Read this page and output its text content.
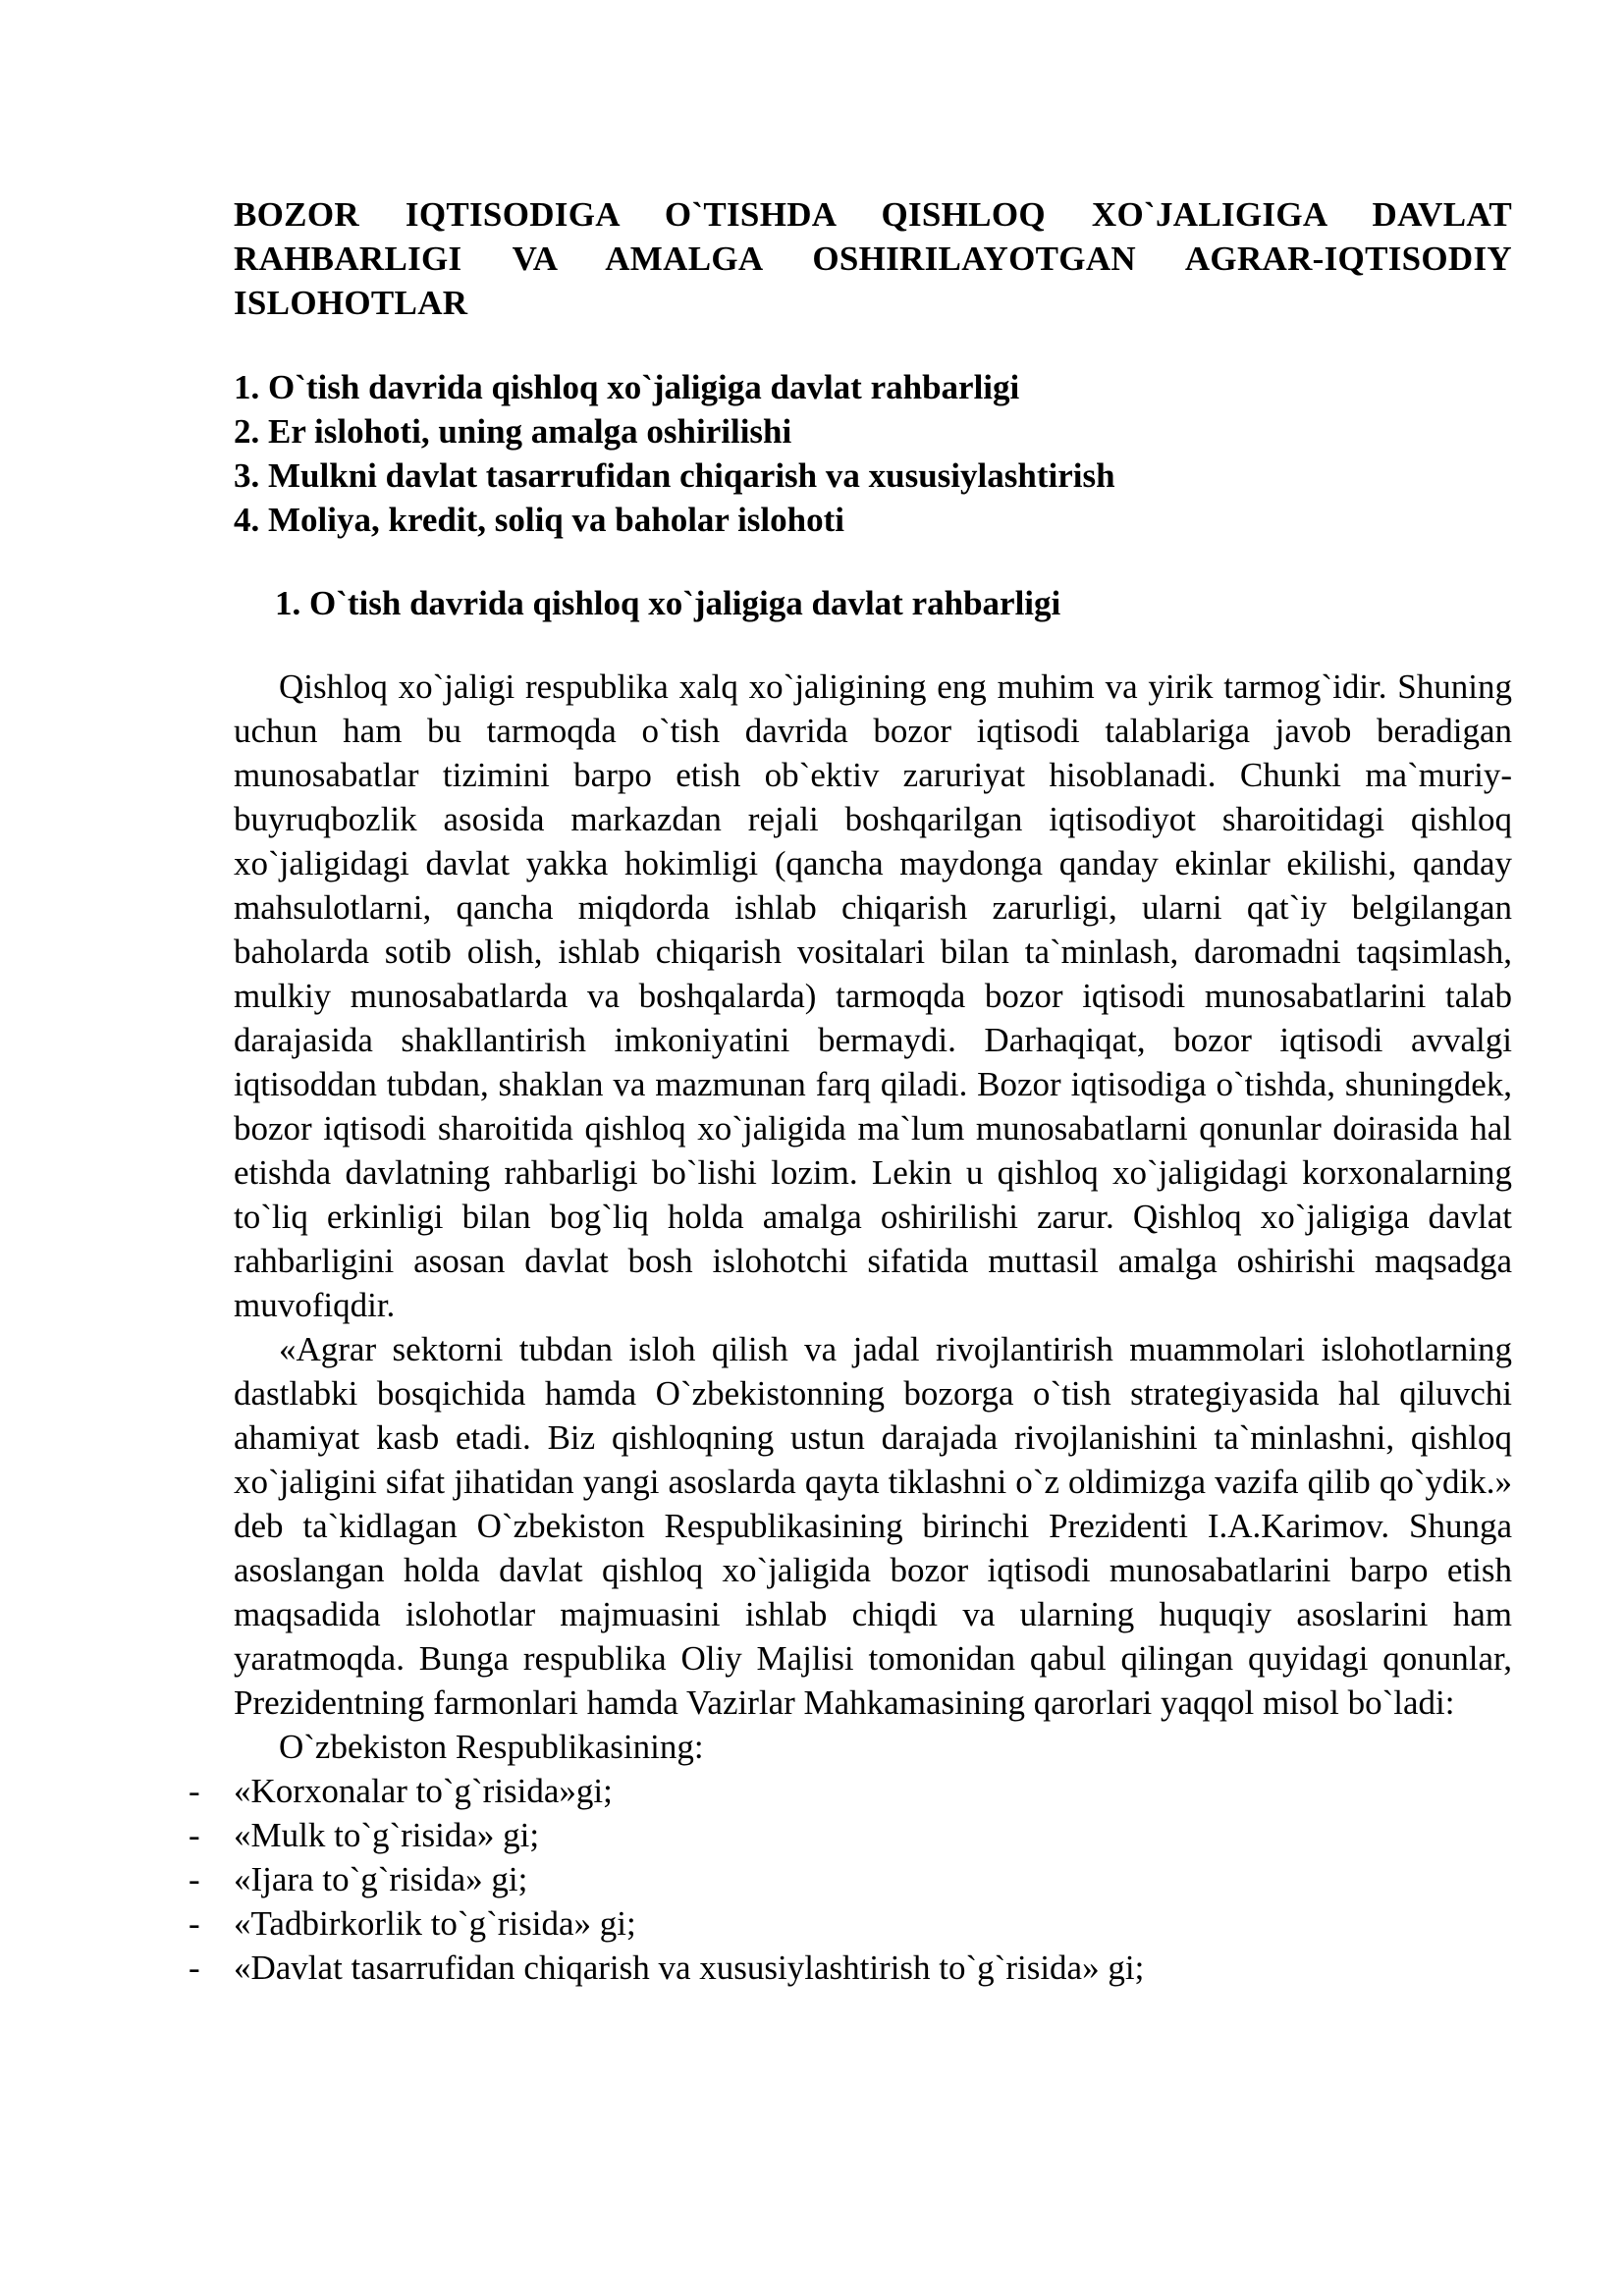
BOZOR IQTISODIGA O`TISHDA QISHLOQ XO`JALIGIGA DAVLAT RAHBARLIGI VA AMALGA OSHIRILAYOTGAN AGRAR-IQTISODIY ISLOHOTLAR
1. O`tish davrida qishloq xo`jaligiga davlat rahbarligi
2. Er islohoti, uning amalga oshirilishi
3. Mulkni davlat tasarrufidan chiqarish va xususiylashtirish
4. Moliya, kredit, soliq va baholar islohoti
1. O`tish davrida qishloq xo`jaligiga davlat rahbarligi

Qishloq xo`jaligi respublika xalq xo`jaligining eng muhim va yirik tarmog`idir. Shuning uchun ham bu tarmoqda o`tish davrida bozor iqtisodi talablariga javob beradigan munosabatlar tizimini barpo etish ob`ektiv zaruriyat hisoblanadi. Chunki ma`muriy-buyruqbozlik asosida markazdan rejali boshqarilgan iqtisodiyot sharoitidagi qishloq xo`jaligidagi davlat yakka hokimligi (qancha maydonga qanday ekinlar ekilishi, qanday mahsulotlarni, qancha miqdorda ishlab chiqarish zarurligi, ularni qat`iy belgilangan baholarda sotib olish, ishlab chiqarish vositalari bilan ta`minlash, daromadni taqsimlash, mulkiy munosabatlarda va boshqalarda) tarmoqda bozor iqtisodi munosabatlarini talab darajasida shakllantirish imkoniyatini bermaydi. Darhaqiqat, bozor iqtisodi avvalgi iqtisoddan tubdan, shaklan va mazmunan farq qiladi. Bozor iqtisodiga o`tishda, shuningdek, bozor iqtisodi sharoitida qishloq xo`jaligida ma`lum munosabatlarni qonunlar doirasida hal etishda davlatning rahbarligi bo`lishi lozim. Lekin u qishloq xo`jaligidagi korxonalarning to`liq erkinligi bilan bog`liq holda amalga oshirilishi zarur. Qishloq xo`jaligiga davlat rahbarligini asosan davlat bosh islohotchi sifatida muttasil amalga oshirishi maqsadga muvofiqdir.

«Agrar sektorni tubdan isloh qilish va jadal rivojlantirish muammolari islohotlarning dastlabki bosqichida hamda O`zbekistonning bozorga o`tish strategiyasida hal qiluvchi ahamiyat kasb etadi. Biz qishloqning ustun darajada rivojlanishini ta`minlashni, qishloq xo`jaligini sifat jihatidan yangi asoslarda qayta tiklashni o`z oldimizga vazifa qilib qo`ydik.» deb ta`kidlagan O`zbekiston Respublikasining birinchi Prezidenti I.A.Karimov. Shunga asoslangan holda davlat qishloq xo`jaligida bozor iqtisodi munosabatlarini barpo etish maqsadida islohotlar majmuasini ishlab chiqdi va ularning huquqiy asoslarini ham yaratmoqda. Bunga respublika Oliy Majlisi tomonidan qabul qilingan quyidagi qonunlar, Prezidentning farmonlari hamda Vazirlar Mahkamasining qarorlari yaqqol misol bo`ladi:

O`zbekiston Respublikasining:

- «Korxonalar to`g`risida»gi;
- «Mulk to`g`risida» gi;
- «Ijara to`g`risida» gi;
- «Tadbirkorlik to`g`risida» gi;
- «Davlat tasarrufidan chiqarish va xususiylashtirish to`g`risida» gi;
